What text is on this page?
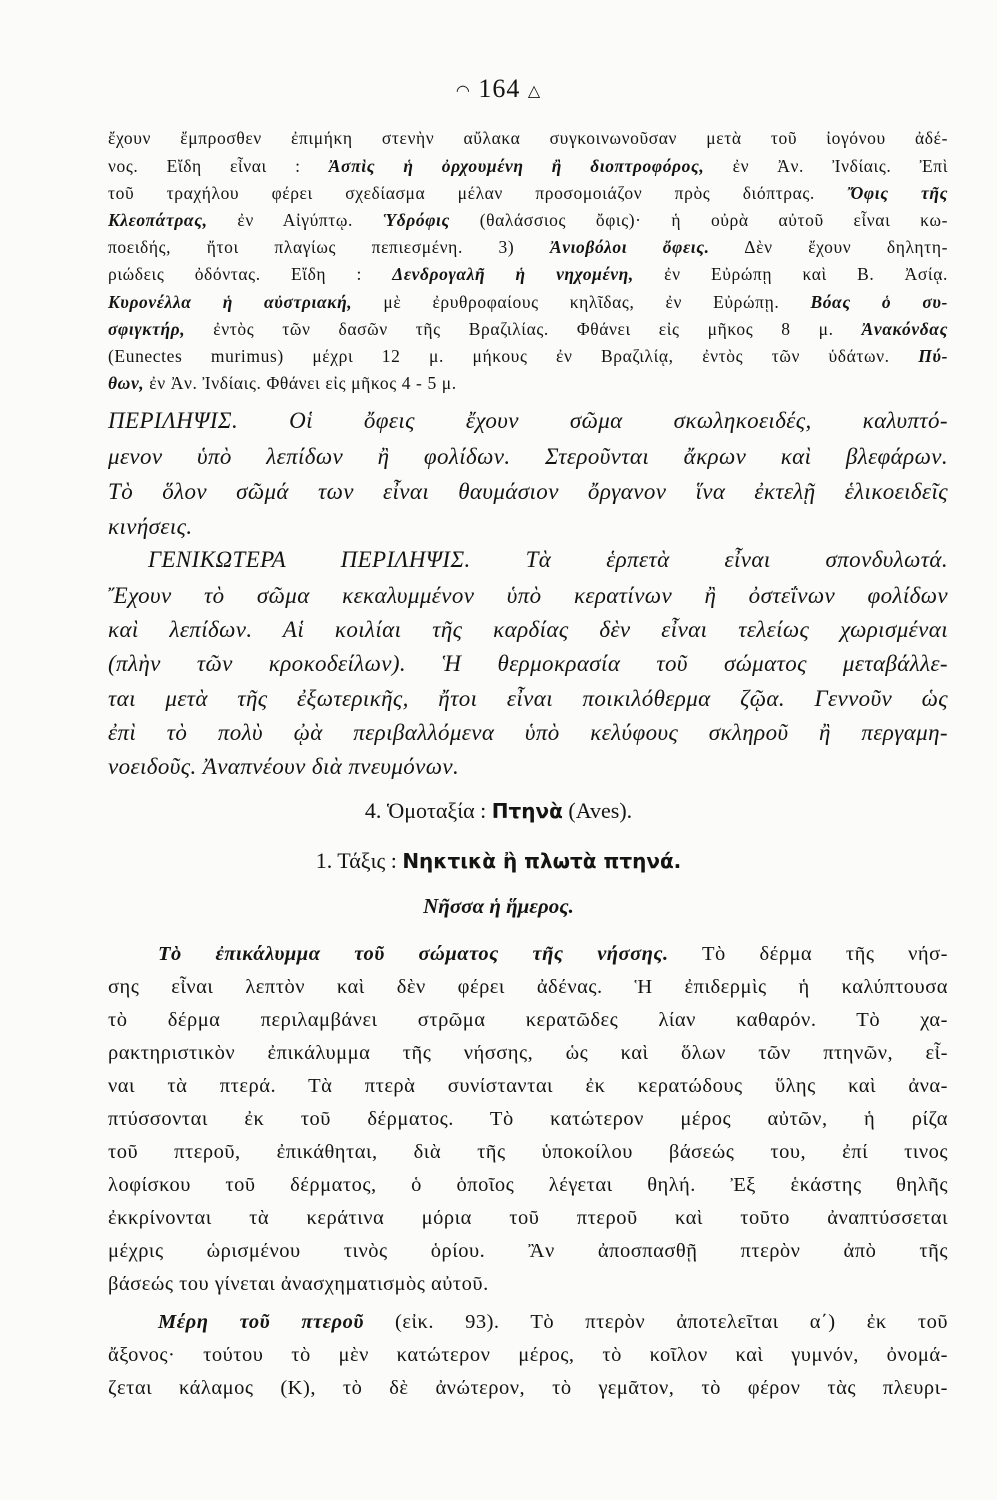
◠ 164 △
ἔχουν ἔμπροσθεν ἐπιμήκη στενὴν αὔλακα συγκοινωνοῦσαν μετὰ τοῦ ἰογόνου ἀδέ-
νος. Εἴδη εἶναι : Ἀσπὶς ἡ ὀρχουμένη ἢ διοπτροφόρος, ἐν Ἀν. Ἰνδίαις. Ἐπὶ
τοῦ τραχήλου φέρει σχεδίασμα μέλαν προσομοιάζον πρὸς διόπτρας. Ὄφις τῆς
Κλεοπάτρας, ἐν Αἰγύπτῳ. Ὑδρόφις (θαλάσσιος ὄφις)· ἡ οὐρὰ αὐτοῦ εἶναι κω-
ποειδής, ἤτοι πλαγίως πεπιεσμένη. 3) Ἀνιοβόλοι ὄφεις. Δὲν ἔχουν δηλητη-
ριώδεις ὀδόντας. Εἴδη : Δενδρογαλῆ ἡ νηχομένη, ἐν Εὐρώπῃ καὶ Β. Ἀσίᾳ.
Κυρονέλλα ἡ αὐστριακή, μὲ ἐρυθροφαίους κηλῖδας, ἐν Εὐρώπῃ. Βόας ὁ συ-
σφιγκτήρ, ἐντὸς τῶν δασῶν τῆς Βραζιλίας. Φθάνει εἰς μῆκος 8 μ. Ἀνακόνδας
(Eunectes murimus) μέχρι 12 μ. μήκους ἐν Βραζιλίᾳ, ἐντὸς τῶν ὑδάτων. Πύ-
θων, ἐν Ἀν. Ἰνδίαις. Φθάνει εἰς μῆκος 4 - 5 μ.
ΠΕΡΙΛΗΨΙΣ. Οἱ ὄφεις ἔχουν σῶμα σκωληκοειδές, καλυπτό-
μενον ὑπὸ λεπίδων ἢ φολίδων. Στεροῦνται ἄκρων καὶ βλεφάρων.
Τὸ ὅλον σῶμά των εἶναι θαυμάσιον ὄργανον ἵνα ἐκτελῇ ἑλικοειδεῖς
κινήσεις.
ΓΕΝΙΚΩΤΕΡΑ ΠΕΡΙΛΗΨΙΣ. Τὰ ἑρπετὰ εἶναι σπονδυλωτά.
Ἔχουν τὸ σῶμα κεκαλυμμένον ὑπὸ κερατίνων ἢ ὀστεΐνων φολίδων
καὶ λεπίδων. Αἱ κοιλίαι τῆς καρδίας δὲν εἶναι τελείως χωρισμέναι
(πλὴν τῶν κροκοδείλων). Ἡ θερμοκρασία τοῦ σώματος μεταβάλλε-
ται μετὰ τῆς ἐξωτερικῆς, ἤτοι εἶναι ποικιλόθερμα ζῷα. Γεννοῦν ὡς
ἐπὶ τὸ πολὺ ᾠὰ περιβαλλόμενα ὑπὸ κελύφους σκληροῦ ἢ περγαμη-
νοειδοῦς. Ἀναπνέουν διὰ πνευμόνων.
4. Ὁμοταξία : Πτηνὰ (Aves).
1. Τάξις : Νηκτικὰ ἢ πλωτὰ πτηνά.
Νῆσσα ἡ ἥμερος.
Τὸ ἐπικάλυμμα τοῦ σώματος τῆς νήσσης. Τὸ δέρμα τῆς νήσ-
σης εἶναι λεπτὸν καὶ δὲν φέρει ἀδένας. Ἡ ἐπιδερμὶς ἡ καλύπτουσα
τὸ δέρμα περιλαμβάνει στρῶμα κερατῶδες λίαν καθαρόν. Τὸ χα-
ρακτηριστικὸν ἐπικάλυμμα τῆς νήσσης, ὡς καὶ ὅλων τῶν πτηνῶν, εἶ-
ναι τὰ πτερά. Τὰ πτερὰ συνίστανται ἐκ κερατώδους ὕλης καὶ ἀνα-
πτύσσονται ἐκ τοῦ δέρματος. Τὸ κατώτερον μέρος αὐτῶν, ἡ ρίζα
τοῦ πτεροῦ, ἐπικάθηται, διὰ τῆς ὑποκοίλου βάσεώς του, ἐπί τινος
λοφίσκου τοῦ δέρματος, ὁ ὁποῖος λέγεται θηλή. Ἐξ ἑκάστης θηλῆς
ἐκκρίνονται τὰ κεράτινα μόρια τοῦ πτεροῦ καὶ τοῦτο ἀναπτύσσεται
μέχρις ὡρισμένου τινὸς ὁρίου. Ἂν ἀποσπασθῇ πτερὸν ἀπὸ τῆς
βάσεώς του γίνεται ἀνασχηματισμὸς αὐτοῦ.
Μέρη τοῦ πτεροῦ (εἰκ. 93). Τὸ πτερὸν ἀποτελεῖται α΄) ἐκ τοῦ
ἄξονος· τούτου τὸ μὲν κατώτερον μέρος, τὸ κοῖλον καὶ γυμνόν, ὀνομά-
ζεται κάλαμος (Κ), τὸ δὲ ἀνώτερον, τὸ γεμᾶτον, τὸ φέρον τὰς πλευρι-
